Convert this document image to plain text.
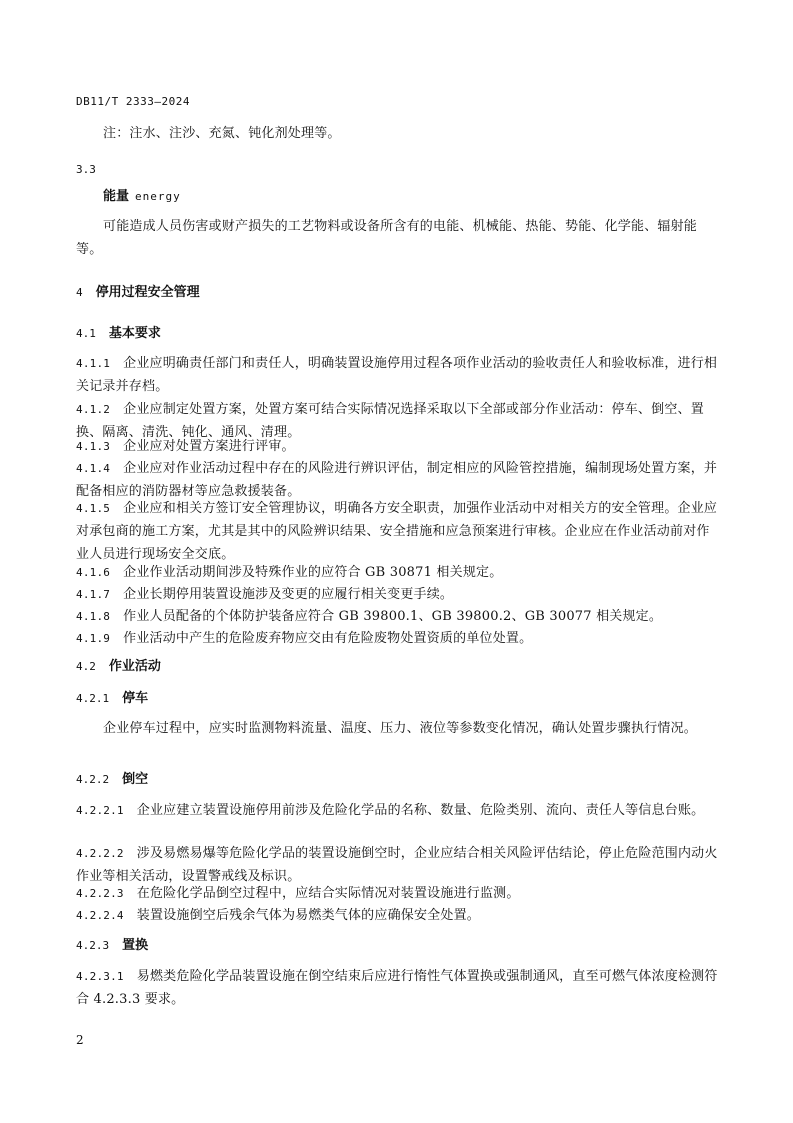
DB11/T 2333—2024
注：注水、注沙、充氮、钝化剂处理等。
3.3
能量 energy
可能造成人员伤害或财产损失的工艺物料或设备所含有的电能、机械能、热能、势能、化学能、辐射能等。
4 停用过程安全管理
4.1 基本要求
4.1.1 企业应明确责任部门和责任人，明确装置设施停用过程各项作业活动的验收责任人和验收标准，进行相关记录并存档。
4.1.2 企业应制定处置方案，处置方案可结合实际情况选择采取以下全部或部分作业活动：停车、倒空、置换、隔离、清洗、钝化、通风、清理。
4.1.3 企业应对处置方案进行评审。
4.1.4 企业应对作业活动过程中存在的风险进行辨识评估，制定相应的风险管控措施，编制现场处置方案，并配备相应的消防器材等应急救援装备。
4.1.5 企业应和相关方签订安全管理协议，明确各方安全职责，加强作业活动中对相关方的安全管理。企业应对承包商的施工方案，尤其是其中的风险辨识结果、安全措施和应急预案进行审核。企业应在作业活动前对作业人员进行现场安全交底。
4.1.6 企业作业活动期间涉及特殊作业的应符合 GB 30871 相关规定。
4.1.7 企业长期停用装置设施涉及变更的应履行相关变更手续。
4.1.8 作业人员配备的个体防护装备应符合 GB 39800.1、GB 39800.2、GB 30077 相关规定。
4.1.9 作业活动中产生的危险废弃物应交由有危险废物处置资质的单位处置。
4.2 作业活动
4.2.1 停车
企业停车过程中，应实时监测物料流量、温度、压力、液位等参数变化情况，确认处置步骤执行情况。
4.2.2 倒空
4.2.2.1 企业应建立装置设施停用前涉及危险化学品的名称、数量、危险类别、流向、责任人等信息台账。
4.2.2.2 涉及易燃易爆等危险化学品的装置设施倒空时，企业应结合相关风险评估结论，停止危险范围内动火作业等相关活动，设置警戒线及标识。
4.2.2.3 在危险化学品倒空过程中，应结合实际情况对装置设施进行监测。
4.2.2.4 装置设施倒空后残余气体为易燃类气体的应确保安全处置。
4.2.3 置换
4.2.3.1 易燃类危险化学品装置设施在倒空结束后应进行惰性气体置换或强制通风，直至可燃气体浓度检测符合 4.2.3.3 要求。
2
